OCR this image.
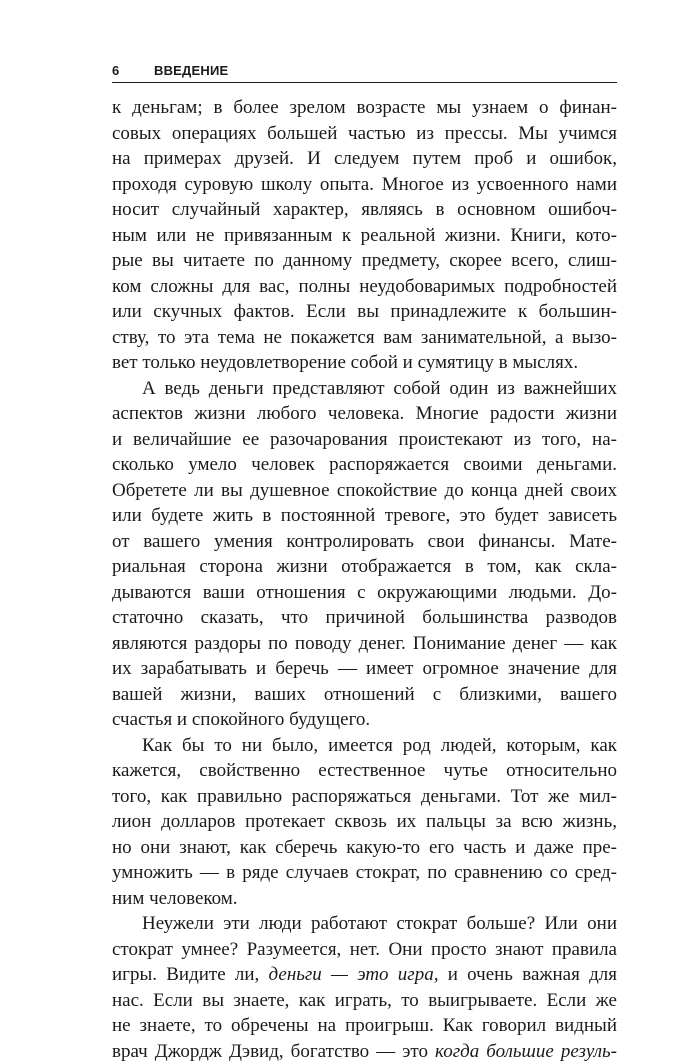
6	ВВЕДЕНИЕ
к деньгам; в более зрелом возрасте мы узнаем о финан-
совых операциях большей частью из прессы. Мы учимся
на примерах друзей. И следуем путем проб и ошибок,
проходя суровую школу опыта. Многое из усвоенного нами
носит случайный характер, являясь в основном ошибоч-
ным или не привязанным к реальной жизни. Книги, кото-
рые вы читаете по данному предмету, скорее всего, слиш-
ком сложны для вас, полны неудобоваримых подробностей
или скучных фактов. Если вы принадлежите к большин-
ству, то эта тема не покажется вам занимательной, а вызо-
вет только неудовлетворение собой и сумятицу в мыслях.
А ведь деньги представляют собой один из важнейших
аспектов жизни любого человека. Многие радости жизни
и величайшие ее разочарования проистекают из того, на-
сколько умело человек распоряжается своими деньгами.
Обретете ли вы душевное спокойствие до конца дней своих
или будете жить в постоянной тревоге, это будет зависеть
от вашего умения контролировать свои финансы. Мате-
риальная сторона жизни отображается в том, как скла-
дываются ваши отношения с окружающими людьми. До-
статочно сказать, что причиной большинства разводов
являются раздоры по поводу денег. Понимание денег — как
их зарабатывать и беречь — имеет огромное значение для
вашей жизни, ваших отношений с близкими, вашего
счастья и спокойного будущего.
Как бы то ни было, имеется род людей, которым, как
кажется, свойственно естественное чутье относительно
того, как правильно распоряжаться деньгами. Тот же мил-
лион долларов протекает сквозь их пальцы за всю жизнь,
но они знают, как сберечь какую-то его часть и даже пре-
умножить — в ряде случаев стократ, по сравнению со сред-
ним человеком.
Неужели эти люди работают стократ больше? Или они
стократ умнее? Разумеется, нет. Они просто знают правила
игры. Видите ли, деньги — это игра, и очень важная для
нас. Если вы знаете, как играть, то выигрываете. Если же
не знаете, то обречены на проигрыш. Как говорил видный
врач Джордж Дэвид, богатство — это когда большие резуль-
